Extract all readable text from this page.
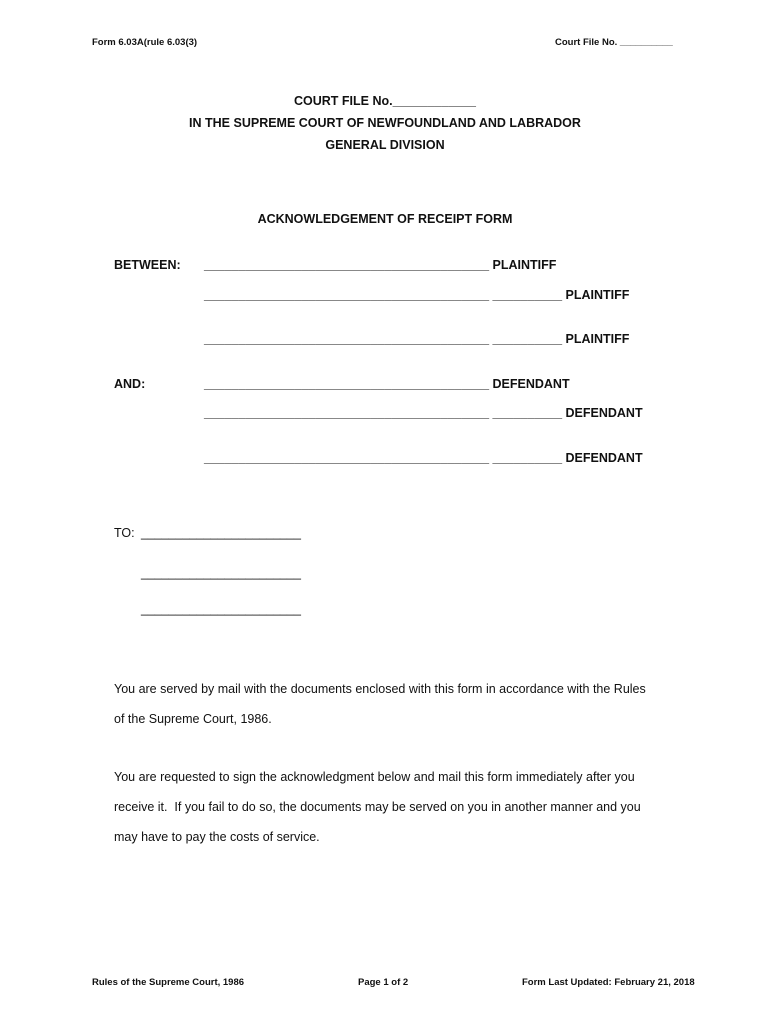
Form 6.03A(rule 6.03(3)	Court File No. __________
COURT FILE No.____________
IN THE SUPREME COURT OF NEWFOUNDLAND AND LABRADOR
GENERAL DIVISION
ACKNOWLEDGEMENT OF RECEIPT FORM
BETWEEN: _________________________________________ PLAINTIFF
_________________________________________ __________ PLAINTIFF
_________________________________________ __________ PLAINTIFF
AND:	_________________________________________ DEFENDANT
_________________________________________ __________ DEFENDANT
_________________________________________ __________ DEFENDANT
TO: _______________________
_______________________
_______________________
You are served by mail with the documents enclosed with this form in accordance with the Rules
of the Supreme Court, 1986.
You are requested to sign the acknowledgment below and mail this form immediately after you
receive it.  If you fail to do so, the documents may be served on you in another manner and you
may have to pay the costs of service.
Rules of the Supreme Court, 1986	Page 1 of 2	Form Last Updated: February 21, 2018
